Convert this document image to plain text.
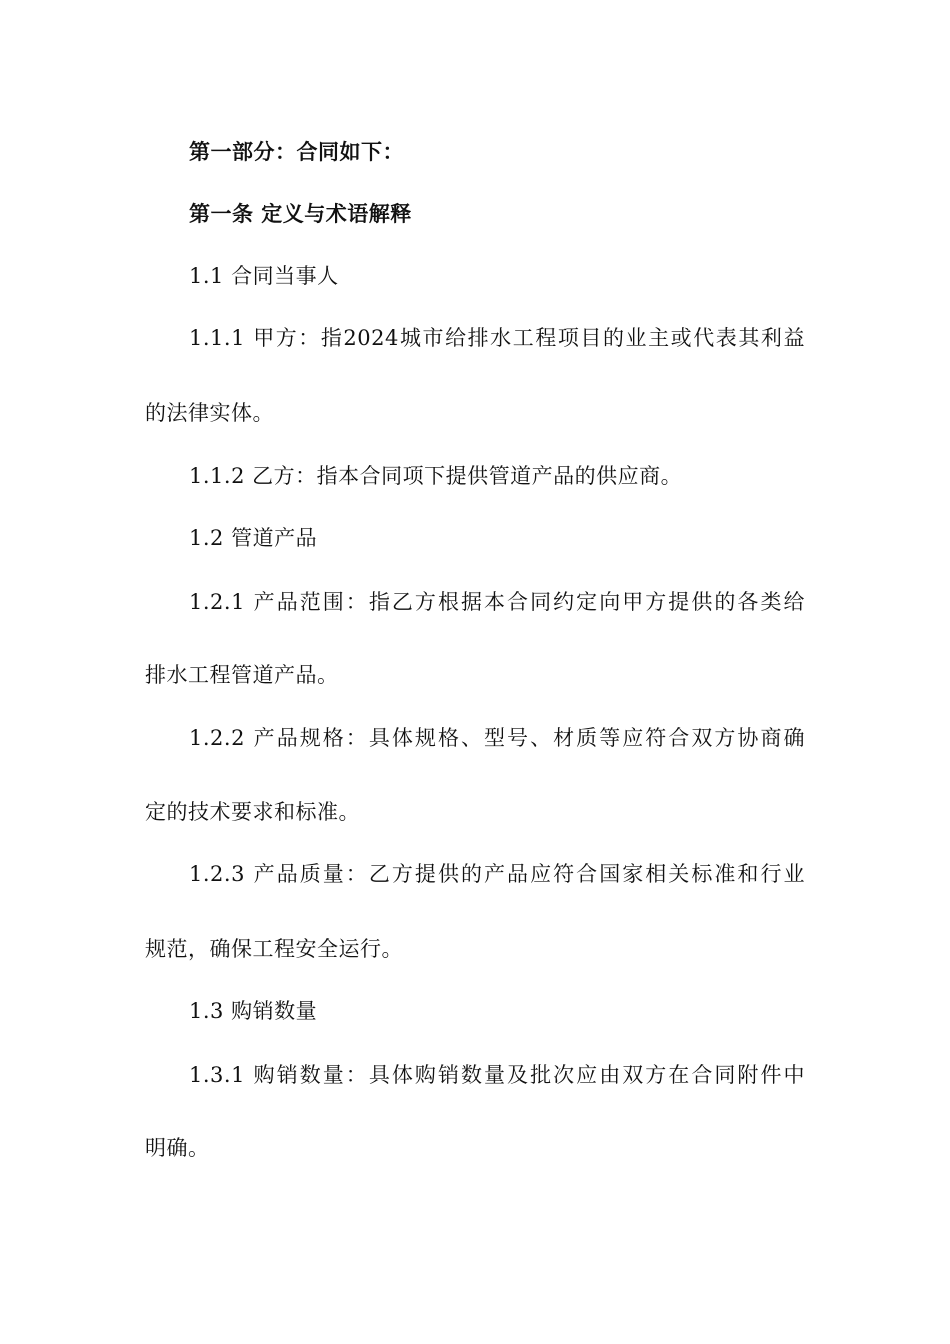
第一部分：合同如下：
第一条 定义与术语解释
1.1 合同当事人
1.1.1 甲方：指2024城市给排水工程项目的业主或代表其利益
的法律实体。
1.1.2 乙方：指本合同项下提供管道产品的供应商。
1.2 管道产品
1.2.1 产品范围：指乙方根据本合同约定向甲方提供的各类给
排水工程管道产品。
1.2.2 产品规格：具体规格、型号、材质等应符合双方协商确
定的技术要求和标准。
1.2.3 产品质量：乙方提供的产品应符合国家相关标准和行业
规范，确保工程安全运行。
1.3 购销数量
1.3.1 购销数量：具体购销数量及批次应由双方在合同附件中
明确。
